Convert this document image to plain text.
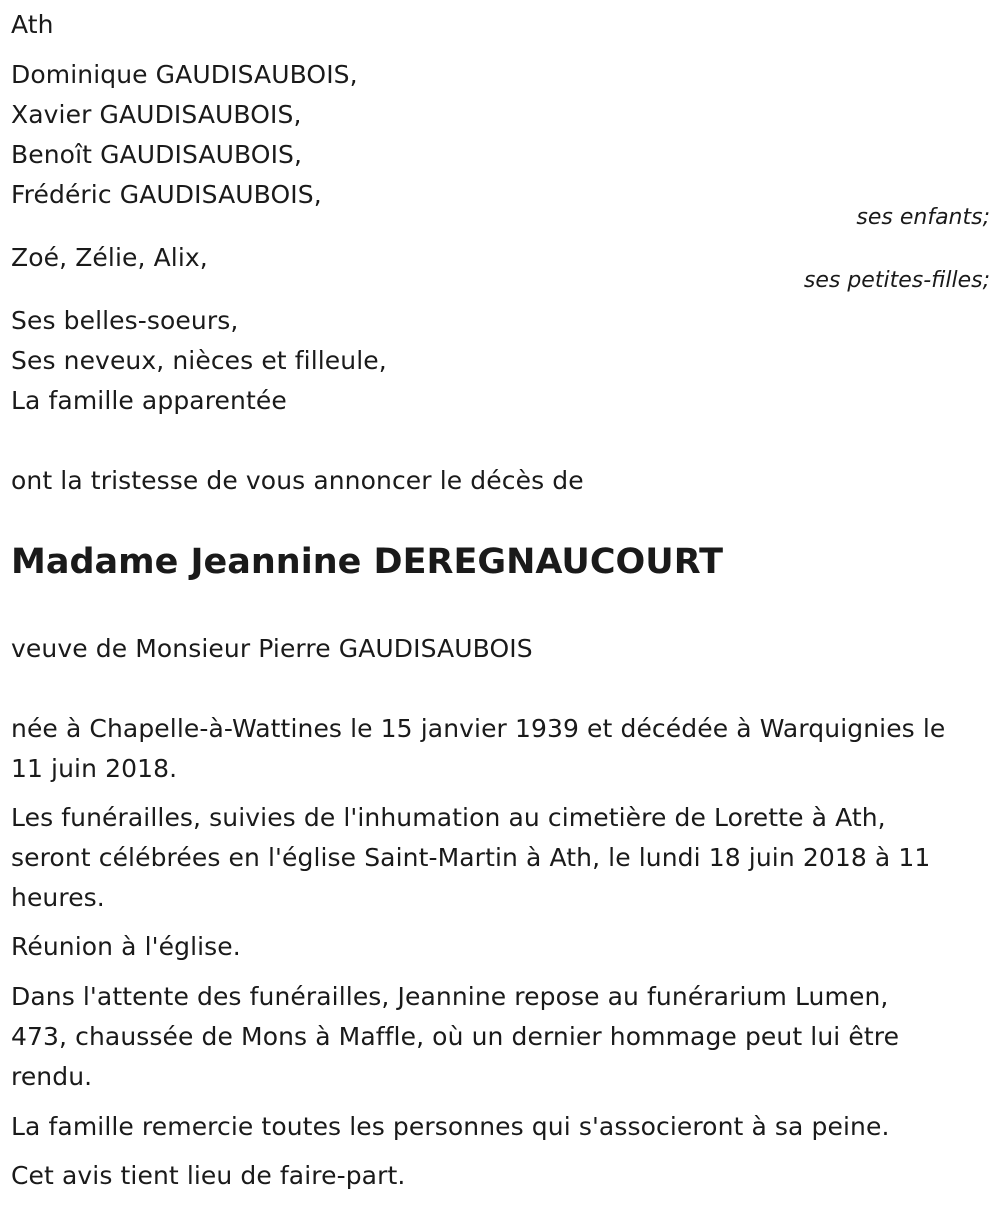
Ath
Dominique GAUDISAUBOIS,
Xavier GAUDISAUBOIS,
Benoît GAUDISAUBOIS,
Frédéric GAUDISAUBOIS,
ses enfants;
Zoé, Zélie, Alix,
ses petites-filles;
Ses belles-soeurs,
Ses neveux, nièces et filleule,
La famille apparentée
ont la tristesse de vous annoncer le décès de
Madame Jeannine DEREGNAUCOURT
veuve de Monsieur Pierre GAUDISAUBOIS
née à Chapelle-à-Wattines le 15 janvier 1939 et décédée à Warquignies le
11 juin 2018.
Les funérailles, suivies de l'inhumation au cimetière de Lorette à Ath,
seront célébrées en l'église Saint-Martin à Ath, le lundi 18 juin 2018 à 11
heures.
Réunion à l'église.
Dans l'attente des funérailles, Jeannine repose au funérarium Lumen,
473, chaussée de Mons à Maffle, où un dernier hommage peut lui être
rendu.
La famille remercie toutes les personnes qui s'associeront à sa peine.
Cet avis tient lieu de faire-part.
